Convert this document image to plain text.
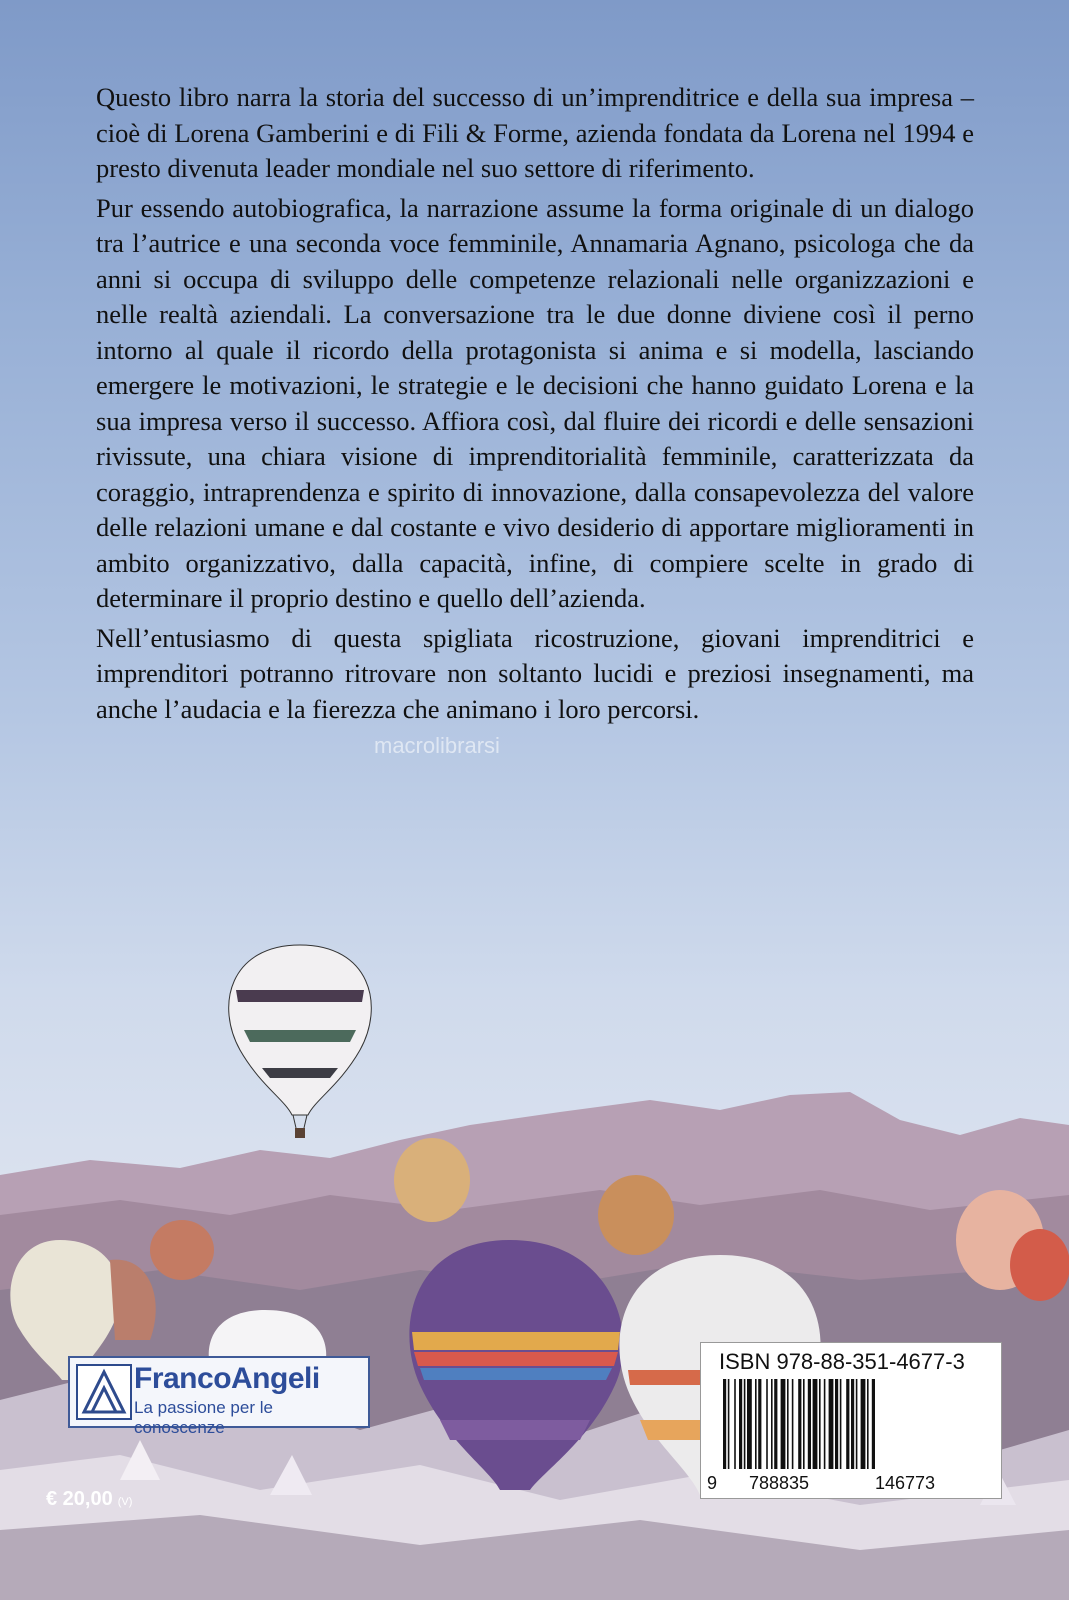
Questo libro narra la storia del successo di un’imprenditrice e della sua impresa – cioè di Lorena Gamberini e di Fili & Forme, azienda fondata da Lorena nel 1994 e presto divenuta leader mondiale nel suo settore di riferimento.

Pur essendo autobiografica, la narrazione assume la forma originale di un dialogo tra l’autrice e una seconda voce femminile, Annamaria Agnano, psicologa che da anni si occupa di sviluppo delle competenze relazionali nelle organizzazioni e nelle realtà aziendali. La conversazione tra le due donne diviene così il perno intorno al quale il ricordo della protagonista si anima e si modella, lasciando emergere le motivazioni, le strategie e le decisioni che hanno guidato Lorena e la sua impresa verso il successo. Affiora così, dal fluire dei ricordi e delle sensazioni rivissute, una chiara visione di imprenditorialità femminile, caratterizzata da coraggio, intraprendenza e spirito di innovazione, dalla consapevolezza del valore delle relazioni umane e dal costante e vivo desiderio di apportare miglioramenti in ambito organizzativo, dalla capacità, infine, di compiere scelte in grado di determinare il proprio destino e quello dell’azienda.

Nell’entusiasmo di questa spigliata ricostruzione, giovani imprenditrici e imprenditori potranno ritrovare non soltanto lucidi e preziosi insegnamenti, ma anche l’audacia e la fierezza che animano i loro percorsi.

macrolibrarsi
FrancoAngeli
La passione per le conoscenze
€ 20,00 (V)
ISBN 978-88-351-4677-3
9 788835	146773
